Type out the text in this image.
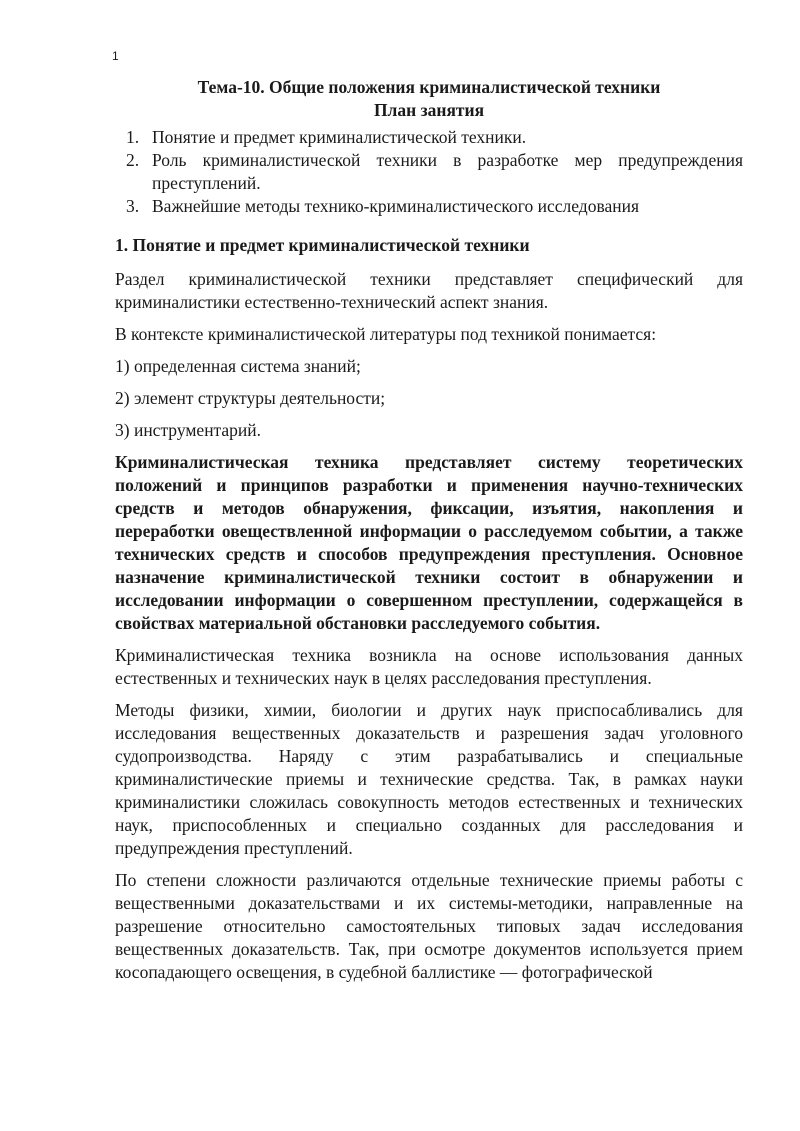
1
Тема-10. Общие положения криминалистической техники
План занятия
1. Понятие и предмет криминалистической техники.
2. Роль криминалистической техники в разработке мер предупреждения преступлений.
3. Важнейшие методы технико-криминалистического исследования
1. Понятие и предмет криминалистической техники

Раздел криминалистической техники представляет специфический для криминалистики естественно-технический аспект знания.

В контексте криминалистической литературы под техникой понимается:

1) определенная система знаний;

2) элемент структуры деятельности;

3) инструментарий.

Криминалистическая техника представляет систему теоретических положений и принципов разработки и применения научно-технических средств и методов обнаружения, фиксации, изъятия, накопления и переработки овеществленной информации о расследуемом событии, а также технических средств и способов предупреждения преступления. Основное назначение криминалистической техники состоит в обнаружении и исследовании информации о совершенном преступлении, содержащейся в свойствах материальной обстановки расследуемого события.

Криминалистическая техника возникла на основе использования данных естественных и технических наук в целях расследования преступления.

Методы физики, химии, биологии и других наук приспосабливались для исследования вещественных доказательств и разрешения задач уголовного судопроизводства. Наряду с этим разрабатывались и специальные криминалистические приемы и технические средства. Так, в рамках науки криминалистики сложилась совокупность методов естественных и технических наук, приспособленных и специально созданных для расследования и предупреждения преступлений.

По степени сложности различаются отдельные технические приемы работы с вещественными доказательствами и их системы-методики, направленные на разрешение относительно самостоятельных типовых задач исследования вещественных доказательств. Так, при осмотре документов используется прием косопадающего освещения, в судебной баллистике — фотографической
